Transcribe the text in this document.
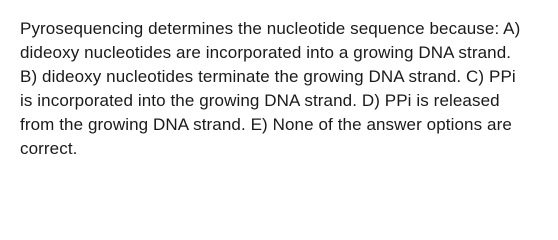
Pyrosequencing determines the nucleotide sequence because: A)
dideoxy nucleotides are incorporated into a growing DNA strand.
B) dideoxy nucleotides terminate the growing DNA strand. C) PPi
is incorporated into the growing DNA strand. D) PPi is released
from the growing DNA strand. E) None of the answer options are
correct.
